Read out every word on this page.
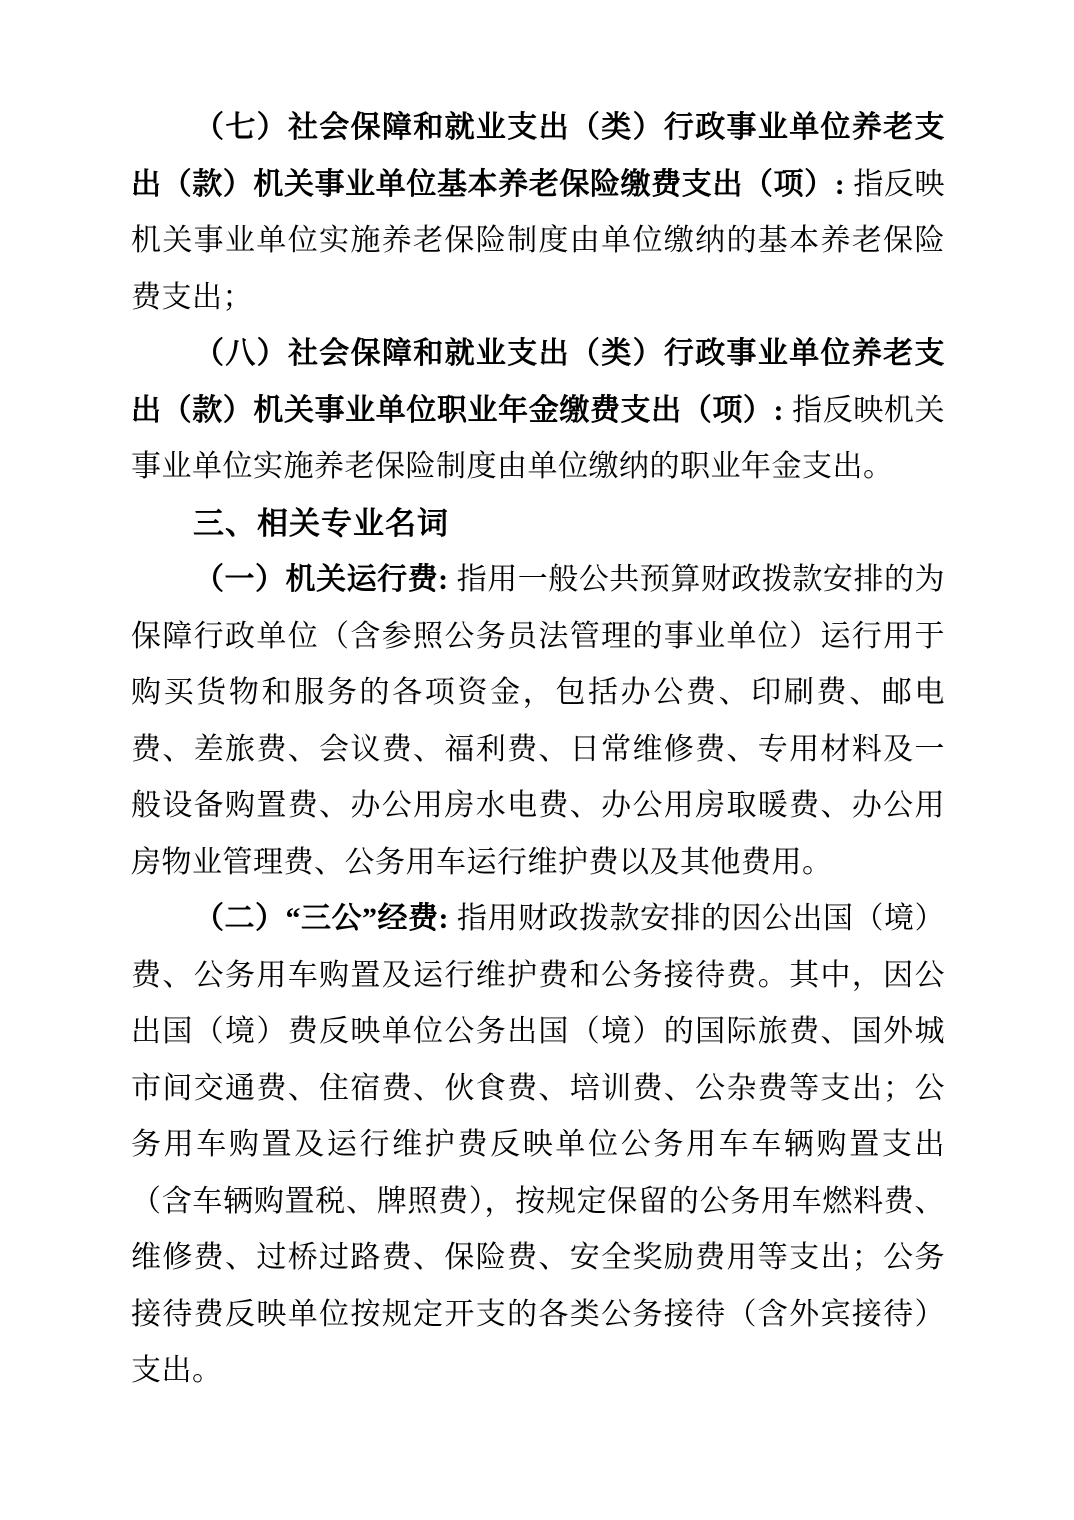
（七）社会保障和就业支出（类）行政事业单位养老支出（款）机关事业单位基本养老保险缴费支出（项）: 指反映机关事业单位实施养老保险制度由单位缴纳的基本养老保险费支出；

（八）社会保障和就业支出（类）行政事业单位养老支出（款）机关事业单位职业年金缴费支出（项）: 指反映机关事业单位实施养老保险制度由单位缴纳的职业年金支出。

三、相关专业名词

（一）机关运行费: 指用一般公共预算财政拨款安排的为保障行政单位（含参照公务员法管理的事业单位）运行用于购买货物和服务的各项资金，包括办公费、印刷费、邮电费、差旅费、会议费、福利费、日常维修费、专用材料及一般设备购置费、办公用房水电费、办公用房取暖费、办公用房物业管理费、公务用车运行维护费以及其他费用。

（二）“三公”经费: 指用财政拨款安排的因公出国（境）费、公务用车购置及运行维护费和公务接待费。其中，因公出国（境）费反映单位公务出国（境）的国际旅费、国外城市间交通费、住宿费、伙食费、培训费、公杂费等支出；公务用车购置及运行维护费反映单位公务用车车辆购置支出（含车辆购置税、牌照费），按规定保留的公务用车燃料费、维修费、过桥过路费、保险费、安全奖励费用等支出；公务接待费反映单位按规定开支的各类公务接待（含外宾接待）支出。
